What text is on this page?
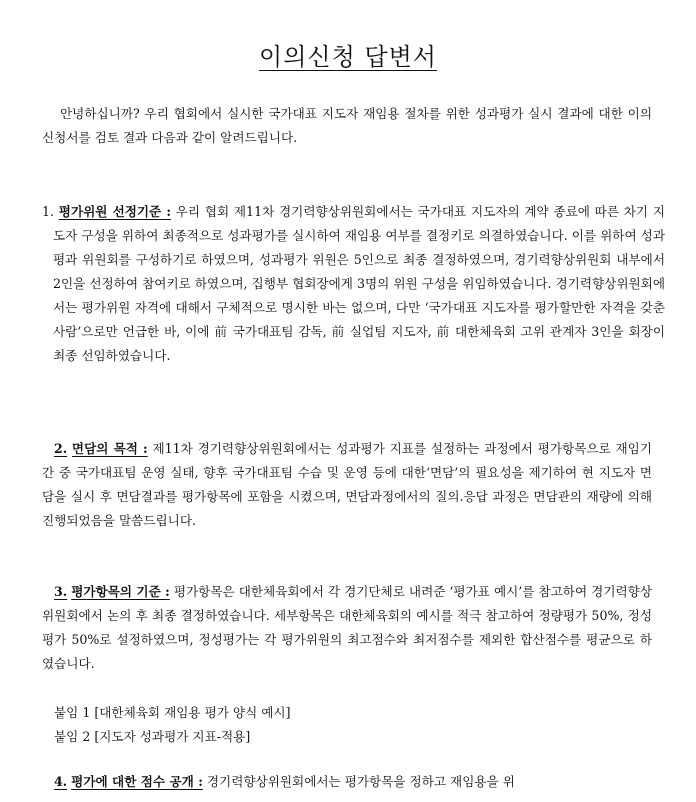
이의신청 답변서
안녕하십니까? 우리 협회에서 실시한 국가대표 지도자 재임용 절차를 위한 성과평가 실시 결과에 대한 이의신청서를 검토 결과 다음과 같이 알려드립니다.
1. 평가위원 선정기준 : 우리 협회 제11차 경기력향상위원회에서는 국가대표 지도자의 계약 종료에 따른 차기 지도자 구성을 위하여 최종적으로 성과평가를 실시하여 재임용 여부를 결정키로 의결하였습니다. 이를 위하여 성과평과 위원회를 구성하기로 하였으며, 성과평가 위원은 5인으로 최종 결정하였으며, 경기력향상위원회 내부에서 2인을 선정하여 참여키로 하였으며, 집행부 협회장에게 3명의 위원 구성을 위임하였습니다. 경기력향상위원회에서는 평가위원 자격에 대해서 구체적으로 명시한 바는 없으며, 다만 ‘국가대표 지도자를 평가할만한 자격을 갖춘 사람’으로만 언급한 바, 이에 前 국가대표팀 감독, 前 실업팀 지도자, 前 대한체육회 고위 관계자 3인을 회장이 최종 선임하였습니다.
2. 면담의 목적 : 제11차 경기력향상위원회에서는 성과평가 지표를 설정하는 과정에서 평가항목으로 재임기간 중 국가대표팀 운영 실태, 향후 국가대표팀 수습 및 운영 등에 대한‘면담’의 필요성을 제기하여 현 지도자 면담을 실시 후 면담결과를 평가항목에 포함을 시켰으며, 면담과정에서의 질의.응답 과정은 면담관의 재량에 의해 진행되었음을 말씀드립니다.
3. 평가항목의 기준 : 평가항목은 대한체육회에서 각 경기단체로 내려준 ‘평가표 예시’를 참고하여 경기력향상위원회에서 논의 후 최종 결정하였습니다. 세부항목은 대한체육회의 예시를 적극 참고하여 정량평가 50%, 정성평가 50%로 설정하였으며, 정성평가는 각 평가위원의 최고점수와 최저점수를 제외한 합산점수를 평균으로 하였습니다.
붙임 1 [대한체육회 재임용 평가 양식 예시]
붙임 2 [지도자 성과평가 지표-적용]
4. 평가에 대한 점수 공개 : 경기력향상위원회에서는 평가항목을 정하고 재임용을 위
